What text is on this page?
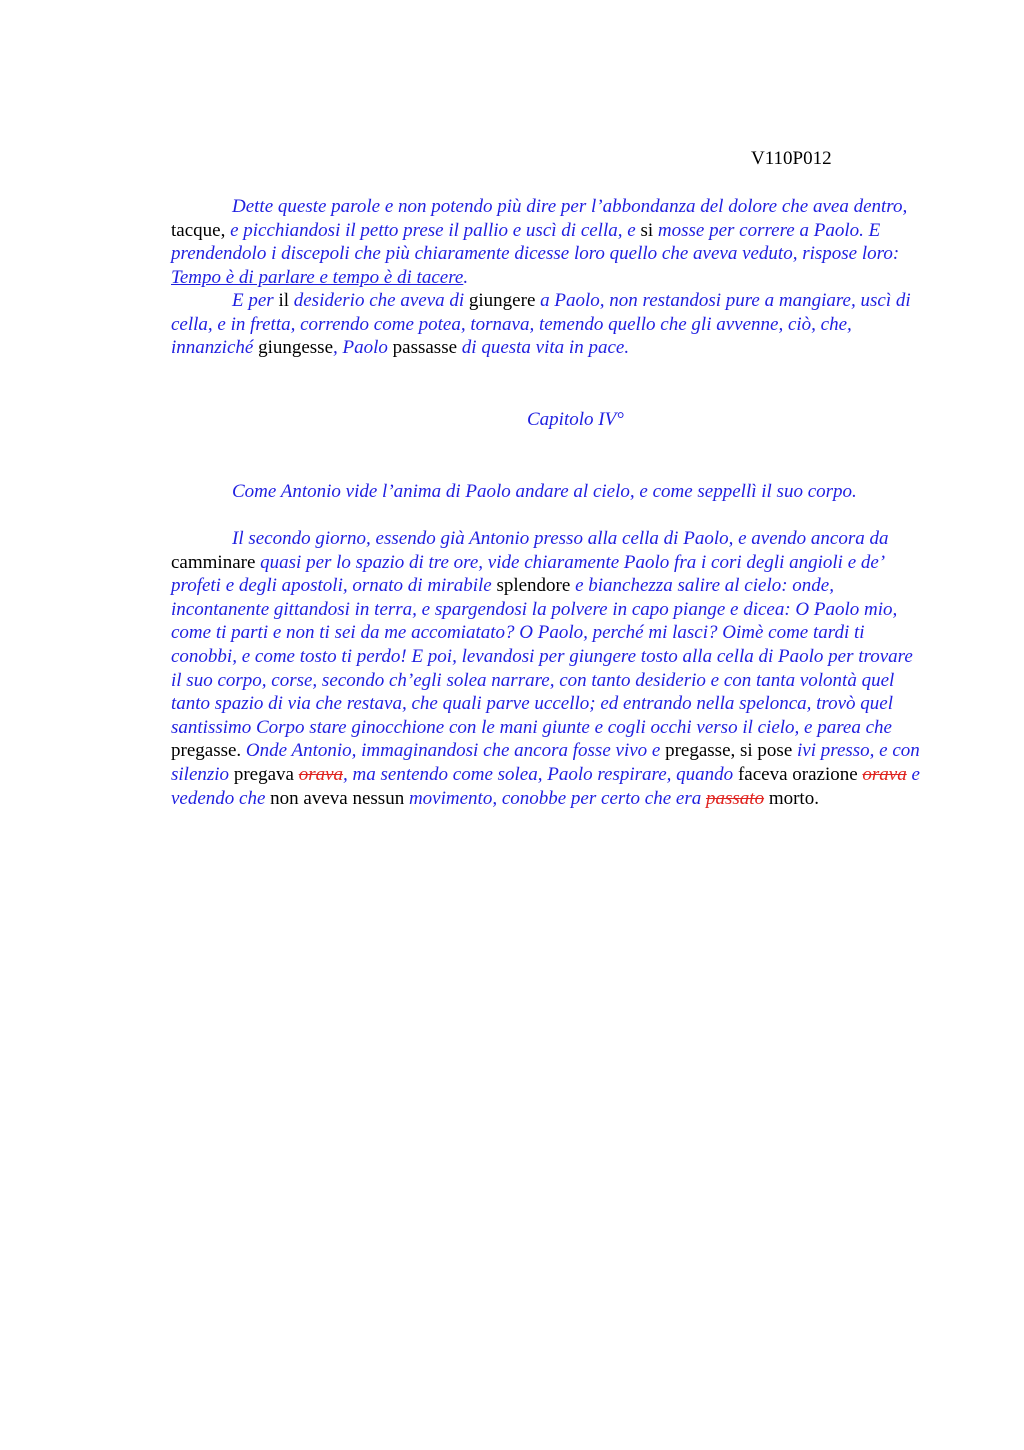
V110P012

Dette queste parole e non potendo più dire per l’abbondanza del dolore che avea dentro, tacque, e picchiandosi il petto prese il pallio e uscì di cella, e si mosse per correre a Paolo. E prendendolo i discepoli che più chiaramente dicesse loro quello che aveva veduto, rispose loro: Tempo è di parlare e tempo è di tacere.

E per il desiderio che aveva di giungere a Paolo, non restandosi pure a mangiare, uscì di cella, e in fretta, correndo come potea, tornava, temendo quello che gli avvenne, ciò, che, innanziché giungesse, Paolo passasse di questa vita in pace.

Capitolo IV°

Come Antonio vide l’anima di Paolo andare al cielo, e come seppellì il suo corpo.

Il secondo giorno, essendo già Antonio presso alla cella di Paolo, e avendo ancora da camminare quasi per lo spazio di tre ore, vide chiaramente Paolo fra i cori degli angioli e de’ profeti e degli apostoli, ornato di mirabile splendore e bianchezza salire al cielo: onde, incontanente gittandosi in terra, e spargendosi la polvere in capo piange e dicea: O Paolo mio, come ti parti e non ti sei da me accomiatato? O Paolo, perché mi lasci? Oimè come tardi ti conobbi, e come tosto ti perdo! E poi, levandosi per giungere tosto alla cella di Paolo per trovare il suo corpo, corse, secondo ch’egli solea narrare, con tanto desiderio e con tanta volontà quel tanto spazio di via che restava, che quali parve uccello; ed entrando nella spelonca, trovò quel santissimo Corpo stare ginocchione con le mani giunte e cogli occhi verso il cielo, e parea che pregasse. Onde Antonio, immaginandosi che ancora fosse vivo e pregasse, si pose ivi presso, e con silenzio pregava orava, ma sentendo come solea, Paolo respirare, quando faceva orazione orava e vedendo che non aveva nessun movimento, conobbe per certo che era passato morto.
